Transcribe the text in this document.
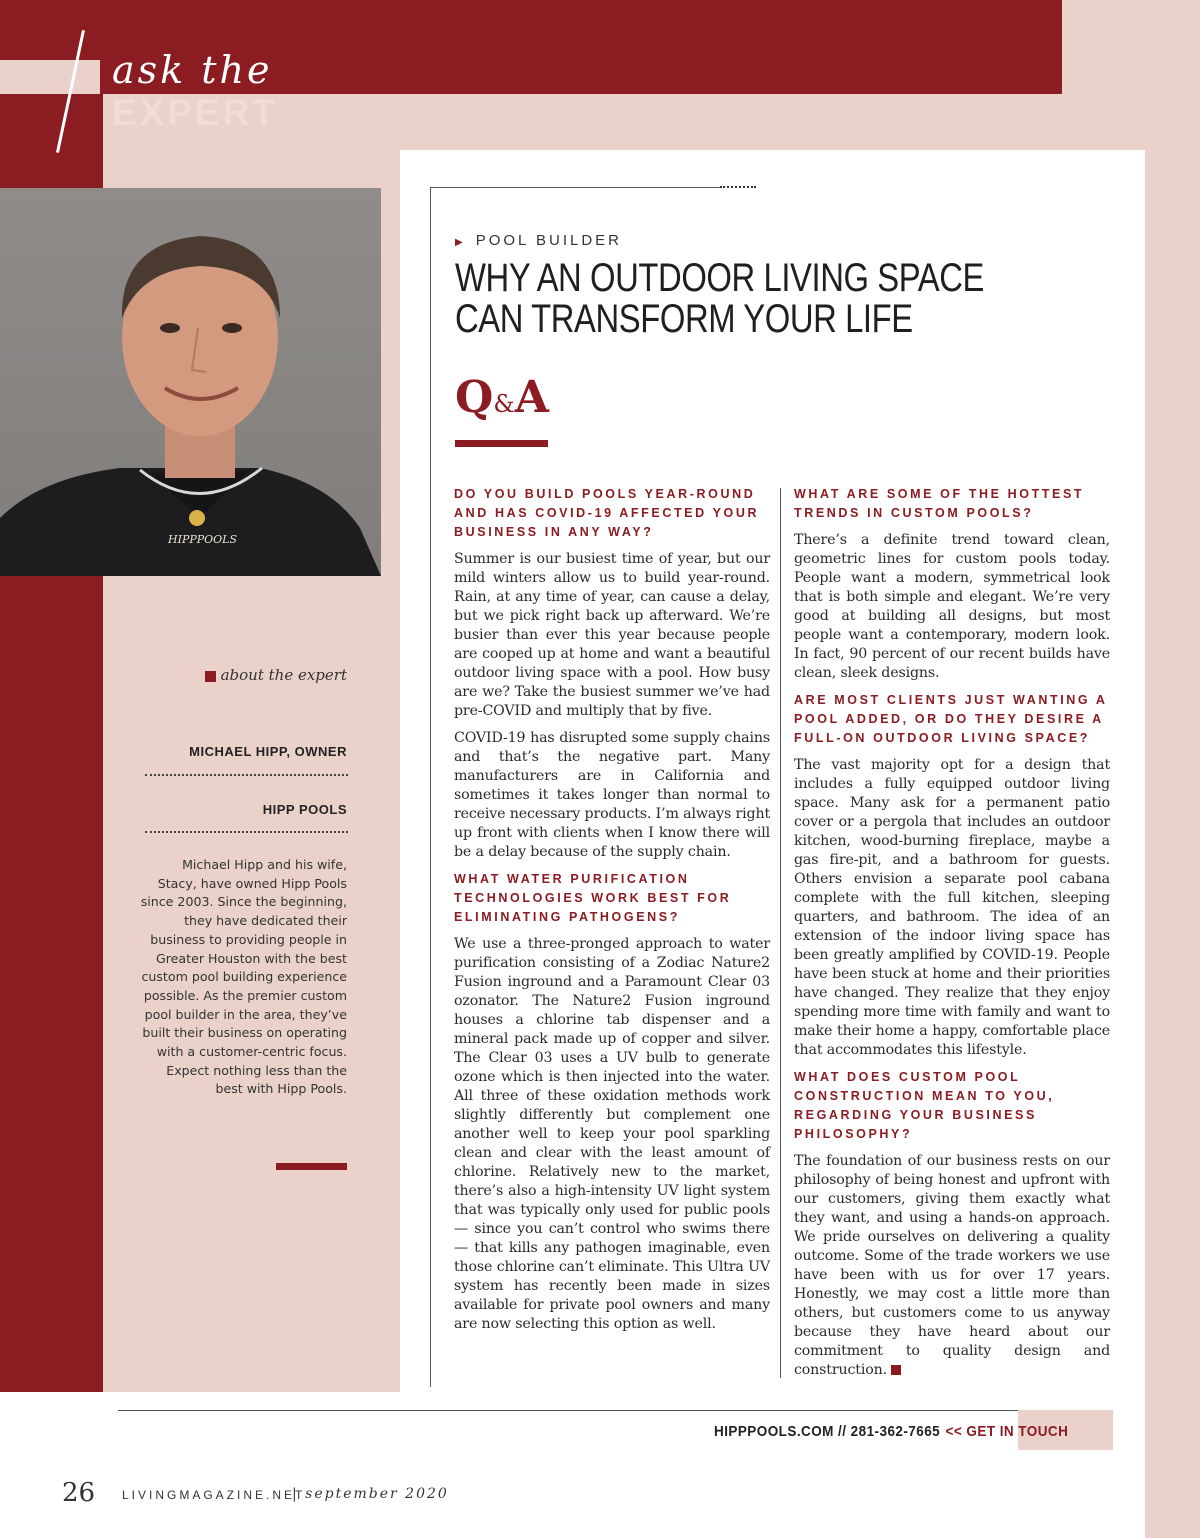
ask the
EXPERT
HIPPPOOLS
▶ POOL BUILDER
WHY AN OUTDOOR LIVING SPACE
CAN TRANSFORM YOUR LIFE
Q&A

DO YOU BUILD POOLS YEAR-ROUND AND HAS COVID-19 AFFECTED YOUR BUSINESS IN ANY WAY?

Summer is our busiest time of year, but our mild winters allow us to build year-round. Rain, at any time of year, can cause a delay, but we pick right back up afterward. We’re busier than ever this year because people are cooped up at home and want a beautiful outdoor living space with a pool. How busy are we? Take the busiest summer we’ve had pre-COVID and multiply that by five.

COVID-19 has disrupted some supply chains and that’s the negative part. Many manufacturers are in California and sometimes it takes longer than normal to receive necessary products. I’m always right up front with clients when I know there will be a delay because of the supply chain.

WHAT WATER PURIFICATION TECHNOLOGIES WORK BEST FOR ELIMINATING PATHOGENS?

We use a three-pronged approach to water purification consisting of a Zodiac Nature2 Fusion inground and a Paramount Clear 03 ozonator. The Nature2 Fusion inground houses a chlorine tab dispenser and a mineral pack made up of copper and silver. The Clear 03 uses a UV bulb to generate ozone which is then injected into the water. All three of these oxidation methods work slightly differently but complement one another well to keep your pool sparkling clean and clear with the least amount of chlorine. Relatively new to the market, there’s also a high-intensity UV light system that was typically only used for public pools — since you can’t control who swims there — that kills any pathogen imaginable, even those chlorine can’t eliminate. This Ultra UV system has recently been made in sizes available for private pool owners and many are now selecting this option as well.

WHAT ARE SOME OF THE HOTTEST TRENDS IN CUSTOM POOLS?

There’s a definite trend toward clean, geometric lines for custom pools today. People want a modern, symmetrical look that is both simple and elegant. We’re very good at building all designs, but most people want a contemporary, modern look. In fact, 90 percent of our recent builds have clean, sleek designs.

ARE MOST CLIENTS JUST WANTING A POOL ADDED, OR DO THEY DESIRE A FULL-ON OUTDOOR LIVING SPACE?

The vast majority opt for a design that includes a fully equipped outdoor living space. Many ask for a permanent patio cover or a pergola that includes an outdoor kitchen, wood-burning fireplace, maybe a gas fire-pit, and a bathroom for guests. Others envision a separate pool cabana complete with the full kitchen, sleeping quarters, and bathroom. The idea of an extension of the indoor living space has been greatly amplified by COVID-19. People have been stuck at home and their priorities have changed. They realize that they enjoy spending more time with family and want to make their home a happy, comfortable place that accommodates this lifestyle.

WHAT DOES CUSTOM POOL CONSTRUCTION MEAN TO YOU, REGARDING YOUR BUSINESS PHILOSOPHY?

The foundation of our business rests on our philosophy of being honest and upfront with our customers, giving them exactly what they want, and using a hands-on approach. We pride ourselves on delivering a quality outcome. Some of the trade workers we use have been with us for over 17 years. Honestly, we may cost a little more than others, but customers come to us anyway because they have heard about our commitment to quality design and construction.

about the expert
MICHAEL HIPP, OWNER
HIPP POOLS
Michael Hipp and his wife, Stacy, have owned Hipp Pools since 2003. Since the beginning, they have dedicated their business to providing people in Greater Houston with the best custom pool building experience possible. As the premier custom pool builder in the area, they’ve built their business on operating with a customer-centric focus. Expect nothing less than the best with Hipp Pools.
HIPPPOOLS.COM // 281-362-7665 << GET IN TOUCH
26 LIVINGMAGAZINE.NET
| september 2020
